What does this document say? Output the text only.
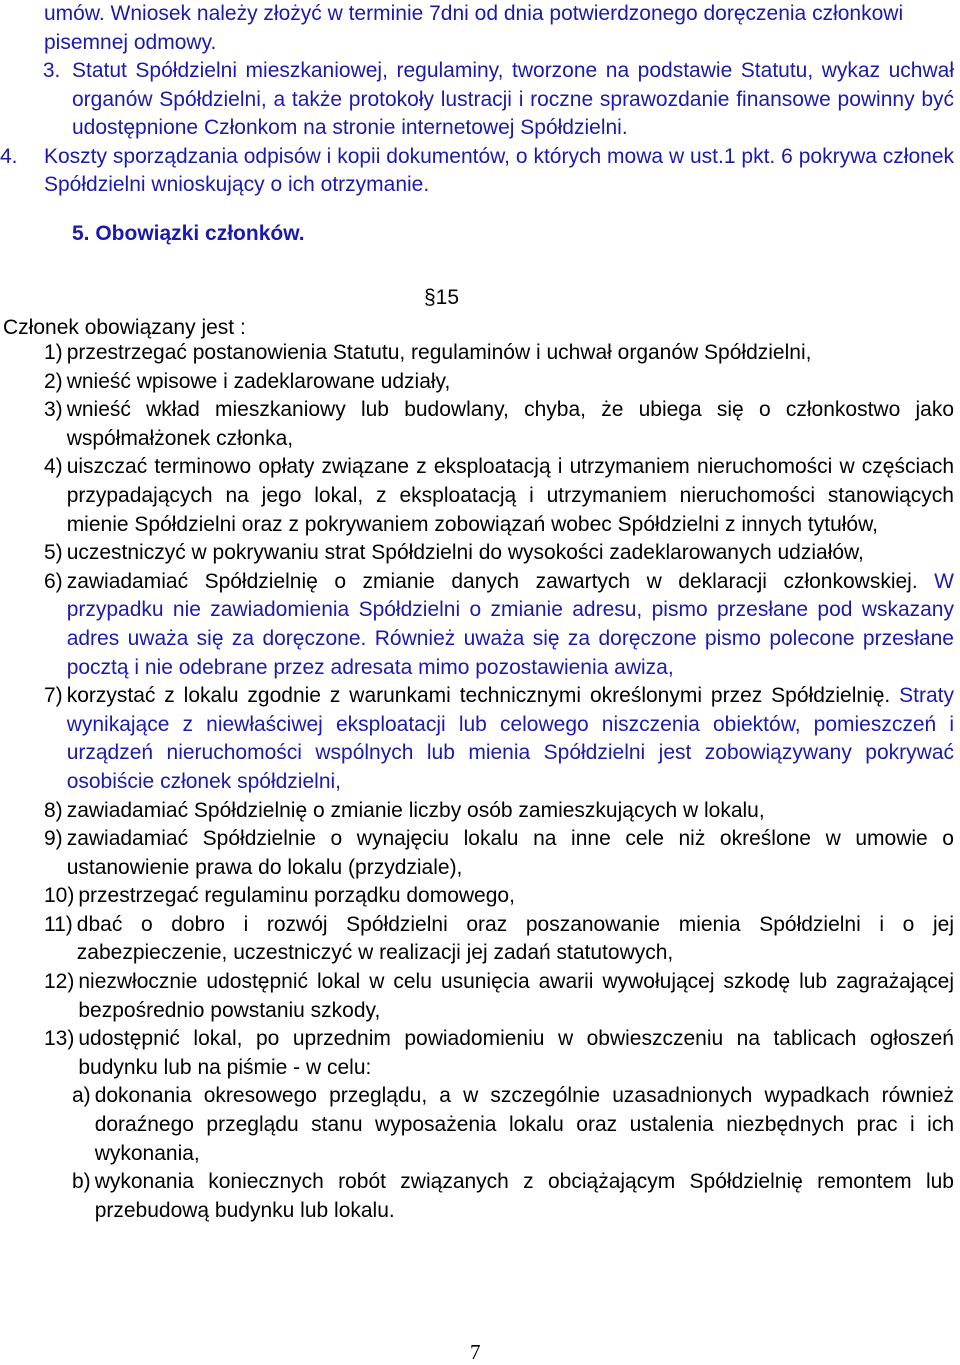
umów. Wniosek należy złożyć w terminie 7dni od dnia potwierdzonego doręczenia członkowi pisemnej odmowy.
3. Statut Spółdzielni mieszkaniowej, regulaminy, tworzone na podstawie Statutu, wykaz uchwał organów Spółdzielni, a także protokoły lustracji i roczne sprawozdanie finansowe powinny być udostępnione Członkom na stronie internetowej Spółdzielni.
4.	Koszty sporządzania odpisów i kopii dokumentów, o których mowa w ust.1 pkt. 6 pokrywa członek Spółdzielni wnioskujący o ich otrzymanie.
5. Obowiązki członków.
§15
Członek obowiązany jest :
1) przestrzegać postanowienia Statutu, regulaminów i uchwał organów Spółdzielni,
2) wnieść wpisowe i zadeklarowane udziały,
3) wnieść wkład mieszkaniowy lub budowlany, chyba, że ubiega się o członkostwo jako współmałżonek członka,
4) uiszczać terminowo opłaty związane z eksploatacją i utrzymaniem nieruchomości w częściach przypadających na jego lokal, z eksploatacją i utrzymaniem nieruchomości stanowiących mienie Spółdzielni oraz z pokrywaniem zobowiązań wobec Spółdzielni z innych tytułów,
5) uczestniczyć w pokrywaniu strat Spółdzielni do wysokości zadeklarowanych udziałów,
6) zawiadamiać Spółdzielnię o zmianie danych zawartych w deklaracji członkowskiej. W przypadku nie zawiadomienia Spółdzielni o zmianie adresu, pismo przesłane pod wskazany adres uważa się za doręczone. Również uważa się za doręczone pismo polecone przesłane pocztą i nie odebrane przez adresata mimo pozostawienia awiza,
7) korzystać z lokalu zgodnie z warunkami technicznymi określonymi przez Spółdzielnię. Straty wynikające z niewłaściwej eksploatacji lub celowego niszczenia obiektów, pomieszczeń i urządzeń nieruchomości wspólnych lub mienia Spółdzielni jest zobowiązywany pokrywać osobiście członek spółdzielni,
8) zawiadamiać Spółdzielnię o zmianie liczby osób zamieszkujących w lokalu,
9) zawiadamiać Spółdzielnie o wynajęciu lokalu na inne cele niż określone w umowie o ustanowienie prawa do lokalu (przydziale),
10) przestrzegać regulaminu porządku domowego,
11) dbać o dobro i rozwój Spółdzielni oraz poszanowanie mienia Spółdzielni i o jej zabezpieczenie, uczestniczyć w realizacji jej zadań statutowych,
12) niezwłocznie udostępnić lokal w celu usunięcia awarii wywołującej szkodę lub zagrażającej bezpośrednio powstaniu szkody,
13) udostępnić lokal, po uprzednim powiadomieniu w obwieszczeniu na tablicach ogłoszeń budynku lub na piśmie - w celu:
a) dokonania okresowego przeglądu, a w szczególnie uzasadnionych wypadkach również doraźnego przeglądu stanu wyposażenia lokalu oraz ustalenia niezbędnych prac i ich wykonania,
b) wykonania koniecznych robót związanych z obciążającym Spółdzielnię remontem lub przebudową budynku lub lokalu.
7
